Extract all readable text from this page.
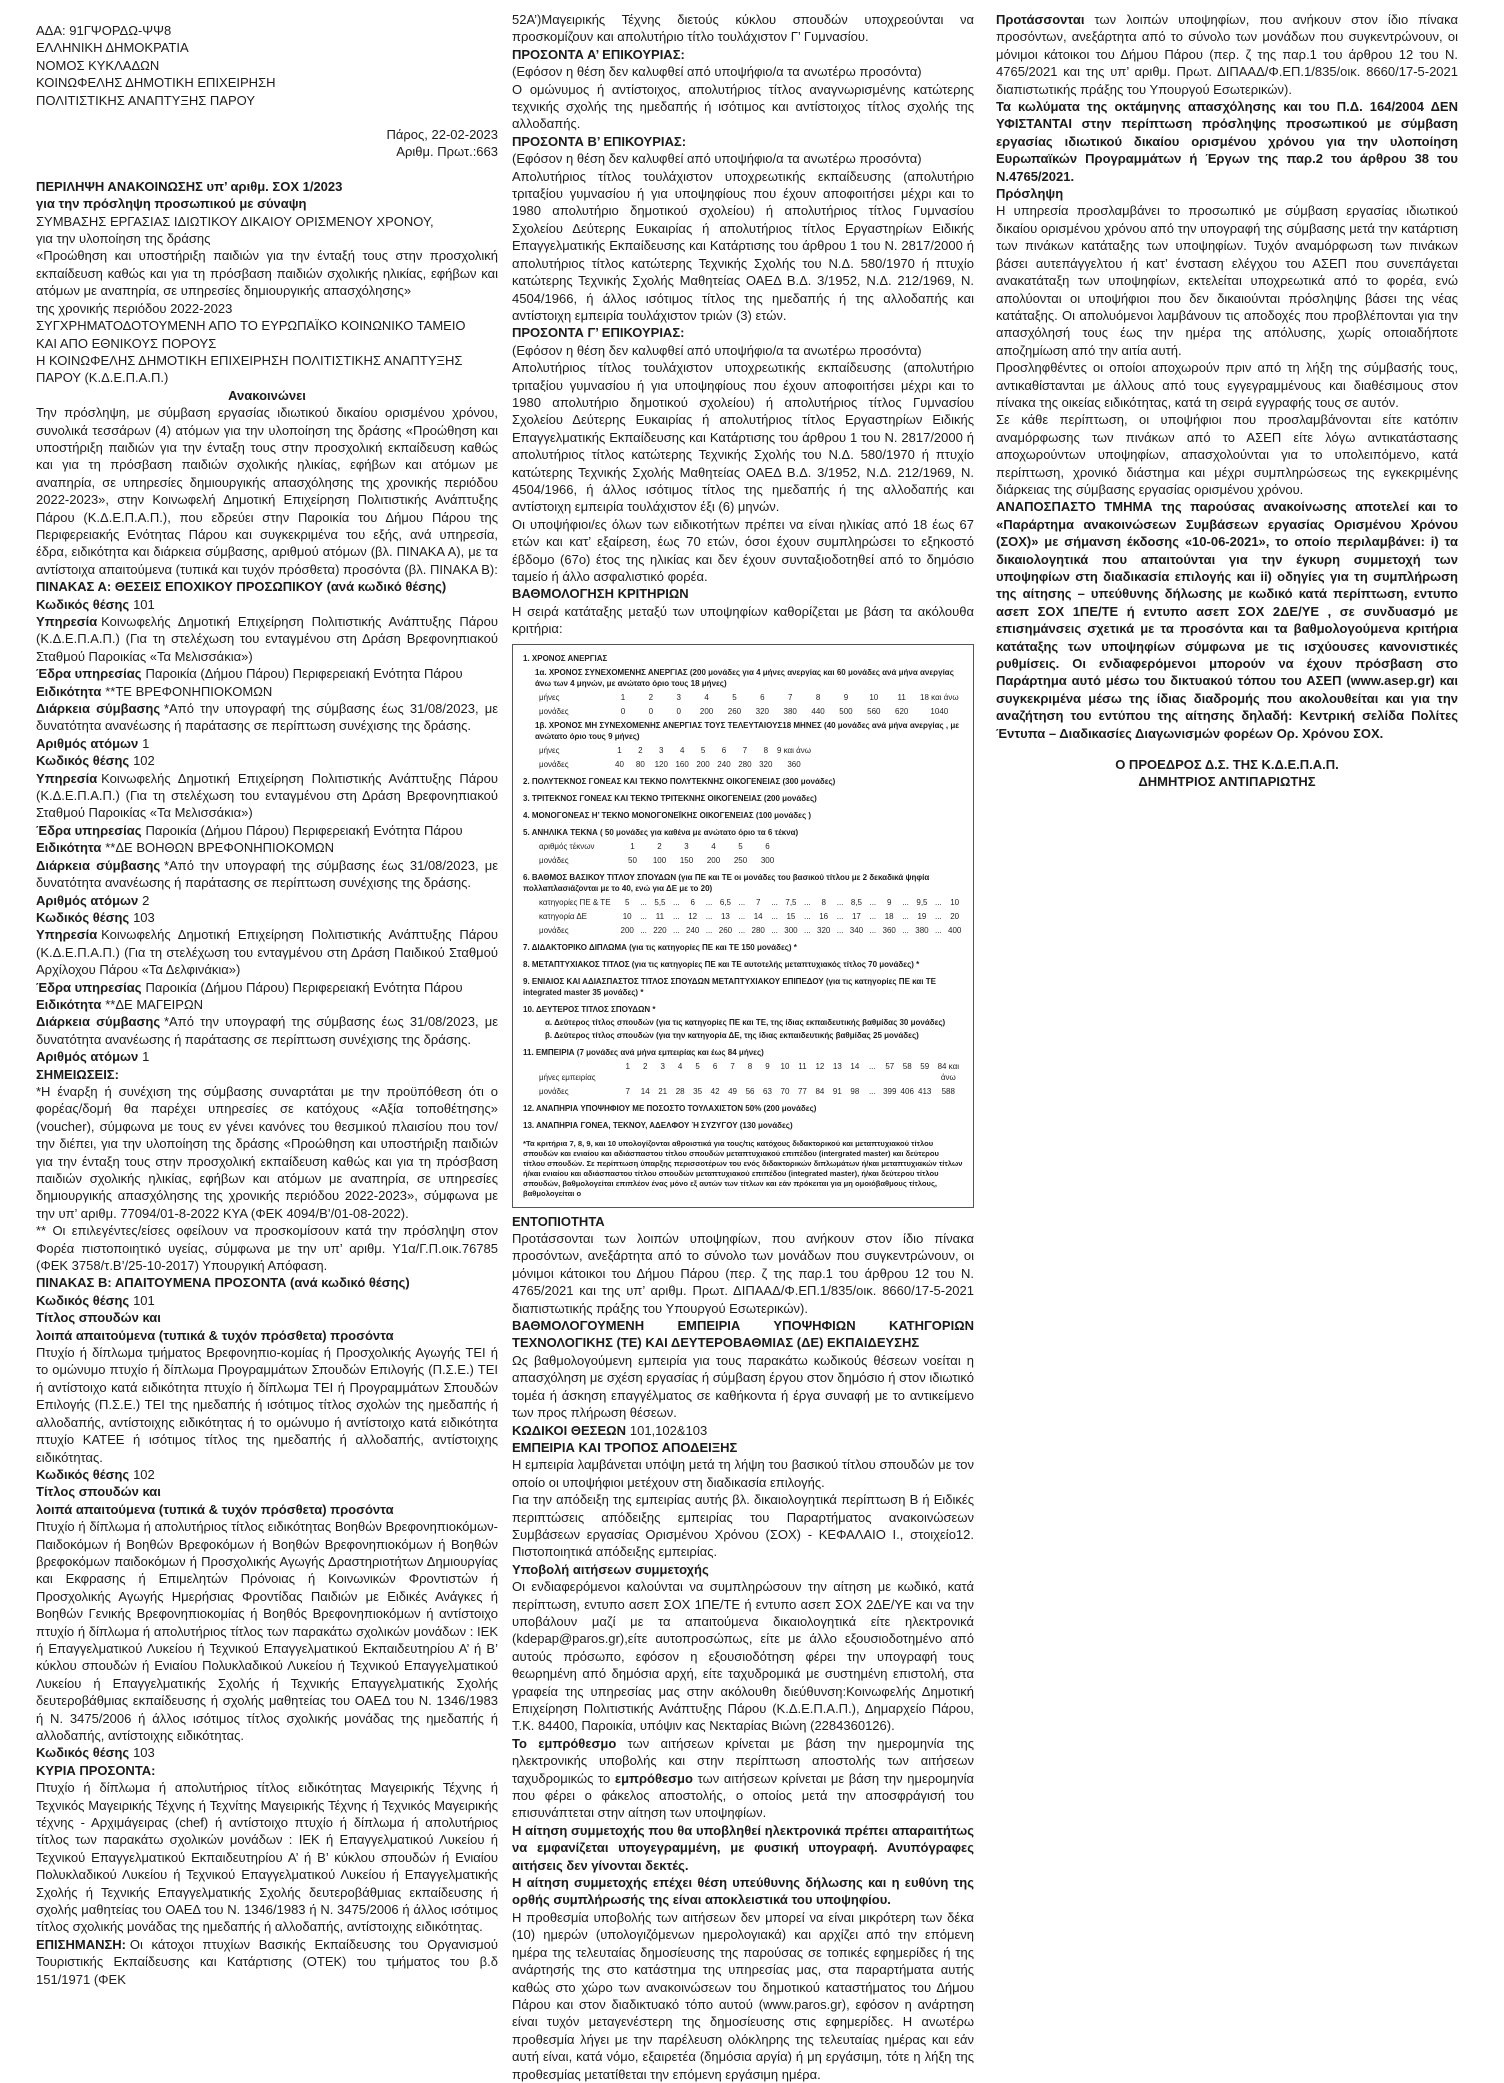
ΑΔΑ: 91ΓΨΟΡΔΩ-ΨΨ8

ΕΛΛΗΝΙΚΗ ΔΗΜΟΚΡΑΤΙΑ

ΝΟΜΟΣ ΚΥΚΛΑΔΩΝ

ΚΟΙΝΩΦΕΛΗΣ ΔΗΜΟΤΙΚΗ ΕΠΙΧΕΙΡΗΣΗ

ΠΟΛΙΤΙΣΤΙΚΗΣ ΑΝΑΠΤΥΞΗΣ ΠΑΡΟΥ

Πάρος, 22-02-2023

Αριθμ. Πρωτ.:663

ΠΕΡΙΛΗΨΗ ΑΝΑΚΟΙΝΩΣΗΣ υπ’ αριθμ. ΣΟΧ 1/2023

για την πρόσληψη προσωπικού με σύναψη

ΣΥΜΒΑΣΗΣ ΕΡΓΑΣΙΑΣ ΙΔΙΩΤΙΚΟΥ ΔΙΚΑΙΟΥ ΟΡΙΣΜΕΝΟΥ ΧΡΟΝΟΥ,

για την υλοποίηση της δράσης

«Προώθηση και υποστήριξη παιδιών για την ένταξή τους στην προσχολική εκπαίδευση καθώς και για τη πρόσβαση παιδιών σχολικής ηλικίας, εφήβων και ατόμων με αναπηρία, σε υπηρεσίες δημιουργικής απασχόλησης»

της χρονικής περιόδου 2022-2023

ΣΥΓΧΡΗΜΑΤΟΔΟΤΟΥΜΕΝΗ ΑΠΟ ΤΟ ΕΥΡΩΠΑΪΚΟ ΚΟΙΝΩΝΙΚΟ ΤΑΜΕΙΟ

ΚΑΙ ΑΠΟ ΕΘΝΙΚΟΥΣ ΠΟΡΟΥΣ

Η ΚΟΙΝΩΦΕΛΗΣ ΔΗΜΟΤΙΚΗ ΕΠΙΧΕΙΡΗΣΗ ΠΟΛΙΤΙΣΤΙΚΗΣ ΑΝΑΠΤΥΞΗΣ ΠΑΡΟΥ (Κ.Δ.Ε.Π.Α.Π.)

Ανακοινώνει

Την πρόσληψη, με σύμβαση εργασίας ιδιωτικού δικαίου ορισμένου χρόνου, συνολικά τεσσάρων (4) ατόμων για την υλοποίηση της δράσης «Προώθηση και υποστήριξη παιδιών για την ένταξη τους στην προσχολική εκπαίδευση καθώς και για τη πρόσβαση παιδιών σχολικής ηλικίας, εφήβων και ατόμων με αναπηρία, σε υπηρεσίες δημιουργικής απασχόλησης της χρονικής περιόδου 2022-2023», στην Κοινωφελή Δημοτική Επιχείρηση Πολιτιστικής Ανάπτυξης Πάρου (Κ.Δ.Ε.Π.Α.Π.), που εδρεύει στην Παροικία του Δήμου Πάρου της Περιφερειακής Ενότητας Πάρου και συγκεκριμένα του εξής, ανά υπηρεσία, έδρα, ειδικότητα και διάρκεια σύμβασης, αριθμού ατόμων (βλ. ΠΙΝΑΚΑ Α), με τα αντίστοιχα απαιτούμενα (τυπικά και τυχόν πρόσθετα) προσόντα (βλ. ΠΙΝΑΚΑ Β):

ΠΙΝΑΚΑΣ Α: ΘΕΣΕΙΣ ΕΠΟΧΙΚΟΥ ΠΡΟΣΩΠΙΚΟΥ (ανά κωδικό θέσης)

Κωδικός θέσης 101

Υπηρεσία Κοινωφελής Δημοτική Επιχείρηση Πολιτιστικής Ανάπτυξης Πάρου (Κ.Δ.Ε.Π.Α.Π.) (Για τη στελέχωση του ενταγμένου στη Δράση Βρεφονηπιακού Σταθμού Παροικίας «Τα Μελισσάκια»)

Έδρα υπηρεσίας Παροικία (Δήμου Πάρου) Περιφερειακή Ενότητα Πάρου

Ειδικότητα **ΤΕ ΒΡΕΦΟΝΗΠΙΟΚΟΜΩΝ

Διάρκεια σύμβασης *Από την υπογραφή της σύμβασης έως 31/08/2023, με δυνατότητα ανανέωσης ή παράτασης σε περίπτωση συνέχισης της δράσης.

Αριθμός ατόμων 1

Κωδικός θέσης 102

Υπηρεσία Κοινωφελής Δημοτική Επιχείρηση Πολιτιστικής Ανάπτυξης Πάρου (Κ.Δ.Ε.Π.Α.Π.) (Για τη στελέχωση του ενταγμένου στη Δράση Βρεφονηπιακού Σταθμού Παροικίας «Τα Μελισσάκια»)

Έδρα υπηρεσίας Παροικία (Δήμου Πάρου) Περιφερειακή Ενότητα Πάρου

Ειδικότητα **ΔΕ ΒΟΗΘΩΝ ΒΡΕΦΟΝΗΠΙΟΚΟΜΩΝ

Διάρκεια σύμβασης *Από την υπογραφή της σύμβασης έως 31/08/2023, με δυνατότητα ανανέωσης ή παράτασης σε περίπτωση συνέχισης της δράσης.

Αριθμός ατόμων 2

Κωδικός θέσης 103

Υπηρεσία Κοινωφελής Δημοτική Επιχείρηση Πολιτιστικής Ανάπτυξης Πάρου (Κ.Δ.Ε.Π.Α.Π.) (Για τη στελέχωση του ενταγμένου στη Δράση Παιδικού Σταθμού Αρχίλοχου Πάρου «Τα Δελφινάκια»)

Έδρα υπηρεσίας Παροικία (Δήμου Πάρου) Περιφερειακή Ενότητα Πάρου

Ειδικότητα **ΔΕ ΜΑΓΕΙΡΩΝ

Διάρκεια σύμβασης *Από την υπογραφή της σύμβασης έως 31/08/2023, με δυνατότητα ανανέωσης ή παράτασης σε περίπτωση συνέχισης της δράσης.

Αριθμός ατόμων 1

ΣΗΜΕΙΩΣΕΙΣ:

*Η έναρξη ή συνέχιση της σύμβασης συναρτάται με την προϋπόθεση ότι ο φορέας/δομή θα παρέχει υπηρεσίες σε κατόχους «Αξία τοποθέτησης» (voucher), σύμφωνα με τους εν γένει κανόνες του θεσμικού πλαισίου που τον/την διέπει, για την υλοποίηση της δράσης «Προώθηση και υποστήριξη παιδιών για την ένταξη τους στην προσχολική εκπαίδευση καθώς και για τη πρόσβαση παιδιών σχολικής ηλικίας, εφήβων και ατόμων με αναπηρία, σε υπηρεσίες δημιουργικής απασχόλησης της χρονικής περιόδου 2022-2023», σύμφωνα με την υπ’ αριθμ. 77094/01-8-2022 ΚΥΑ (ΦΕΚ 4094/Β’/01-08-2022).

** Οι επιλεγέντες/είσες οφείλουν να προσκομίσουν κατά την πρόσληψη στον Φορέα πιστοποιητικό υγείας, σύμφωνα με την υπ’ αριθμ. Υ1α/Γ.Π.οικ.76785 (ΦΕΚ 3758/τ.Β’/25-10-2017) Υπουργική Απόφαση.

ΠΙΝΑΚΑΣ Β: ΑΠΑΙΤΟΥΜΕΝΑ ΠΡΟΣΟΝΤΑ (ανά κωδικό θέσης)

Κωδικός θέσης 101

Τίτλος σπουδών και

λοιπά απαιτούμενα (τυπικά & τυχόν πρόσθετα) προσόντα

Πτυχίο ή δίπλωμα τμήματος Βρεφονηπιο-κομίας ή Προσχολικής Αγωγής ΤΕΙ ή το ομώνυμο πτυχίο ή δίπλωμα Προγραμμάτων Σπουδών Επιλογής (Π.Σ.Ε.) ΤΕΙ ή αντίστοιχο κατά ειδικότητα πτυχίο ή δίπλωμα ΤΕΙ ή Προγραμμάτων Σπουδών Επιλογής (Π.Σ.Ε.) ΤΕΙ της ημεδαπής ή ισότιμος τίτλος σχολών της ημεδαπής ή αλλοδαπής, αντίστοιχης ειδικότητας ή το ομώνυμο ή αντίστοιχο κατά ειδικότητα πτυχίο ΚΑΤΕΕ ή ισότιμος τίτλος της ημεδαπής ή αλλοδαπής, αντίστοιχης ειδικότητας.

Κωδικός θέσης 102

Τίτλος σπουδών και

λοιπά απαιτούμενα (τυπικά & τυχόν πρόσθετα) προσόντα

Πτυχίο ή δίπλωμα ή απολυτήριος τίτλος ειδικότητας Βοηθών Βρεφονηπιοκόμων-Παιδοκόμων ή Βοηθών Βρεφοκόμων ή Βοηθών Βρεφονηπιοκόμων ή Βοηθών βρεφοκόμων παιδοκόμων ή Προσχολικής Αγωγής Δραστηριοτήτων Δημιουργίας και Εκφρασης ή Επιμελητών Πρόνοιας ή Κοινωνικών Φροντιστών ή Προσχολικής Αγωγής Ημερήσιας Φροντίδας Παιδιών με Ειδικές Ανάγκες ή Βοηθών Γενικής Βρεφονηπιοκομίας ή Βοηθός Βρεφονηπιοκόμων ή αντίστοιχο πτυχίο ή δίπλωμα ή απολυτήριος τίτλος των παρακάτω σχολικών μονάδων : ΙΕΚ ή Επαγγελματικού Λυκείου ή Τεχνικού Επαγγελματικού Εκπαιδευτηρίου Α’ ή Β’ κύκλου σπουδών ή Ενιαίου Πολυκλαδικού Λυκείου ή Τεχνικού Επαγγελματικού Λυκείου ή Επαγγελματικής Σχολής ή Τεχνικής Επαγγελματικής Σχολής δευτεροβάθμιας εκπαίδευσης ή σχολής μαθητείας του ΟΑΕΔ του Ν. 1346/1983 ή Ν. 3475/2006 ή άλλος ισότιμος τίτλος σχολικής μονάδας της ημεδαπής ή αλλοδαπής, αντίστοιχης ειδικότητας.

Κωδικός θέσης 103

ΚΥΡΙΑ ΠΡΟΣΟΝΤΑ:

Πτυχίο ή δίπλωμα ή απολυτήριος τίτλος ειδικότητας Μαγειρικής Τέχνης ή Τεχνικός Μαγειρικής Τέχνης ή Τεχνίτης Μαγειρικής Τέχνης ή Τεχνικός Μαγειρικής τέχνης - Αρχιμάγειρας (chef) ή αντίστοιχο πτυχίο ή δίπλωμα ή απολυτήριος τίτλος των παρακάτω σχολικών μονάδων : ΙΕΚ ή Επαγγελματικού Λυκείου ή Τεχνικού Επαγγελματικού Εκπαιδευτηρίου Α’ ή Β’ κύκλου σπουδών ή Ενιαίου Πολυκλαδικού Λυκείου ή Τεχνικού Επαγγελματικού Λυκείου ή Επαγγελματικής Σχολής ή Τεχνικής Επαγγελματικής Σχολής δευτεροβάθμιας εκπαίδευσης ή σχολής μαθητείας του ΟΑΕΔ του Ν. 1346/1983 ή Ν. 3475/2006 ή άλλος ισότιμος τίτλος σχολικής μονάδας της ημεδαπής ή αλλοδαπής, αντίστοιχης ειδικότητας.

ΕΠΙΣΗΜΑΝΣΗ: Οι κάτοχοι πτυχίων Βασικής Εκπαίδευσης του Οργανισμού Τουριστικής Εκπαίδευσης και Κατάρτισης (ΟΤΕΚ) του τμήματος του β.δ 151/1971 (ΦΕΚ

52Α’)Μαγειρικής Τέχνης διετούς κύκλου σπουδών υποχρεούνται να προσκομίζουν και απολυτήριο τίτλο τουλάχιστον Γ’ Γυμνασίου.

ΠΡΟΣΟΝΤΑ Α’ ΕΠΙΚΟΥΡΙΑΣ:

(Εφόσον η θέση δεν καλυφθεί από υποψήφιο/α τα ανωτέρω προσόντα)

Ο ομώνυμος ή αντίστοιχος, απολυτήριος τίτλος αναγνωρισμένης κατώτερης τεχνικής σχολής της ημεδαπής ή ισότιμος και αντίστοιχος τίτλος σχολής της αλλοδαπής.

ΠΡΟΣΟΝΤΑ Β’ ΕΠΙΚΟΥΡΙΑΣ:

(Εφόσον η θέση δεν καλυφθεί από υποψήφιο/α τα ανωτέρω προσόντα)

Απολυτήριος τίτλος τουλάχιστον υποχρεωτικής εκπαίδευσης (απολυτήριο τριταξίου γυμνασίου ή για υποψηφίους που έχουν αποφοιτήσει μέχρι και το 1980 απολυτήριο δημοτικού σχολείου) ή απολυτήριος τίτλος Γυμνασίου Σχολείου Δεύτερης Ευκαιρίας ή απολυτήριος τίτλος Εργαστηρίων Ειδικής Επαγγελματικής Εκπαίδευσης και Κατάρτισης του άρθρου 1 του Ν. 2817/2000 ή απολυτήριος τίτλος κατώτερης Τεχνικής Σχολής του Ν.Δ. 580/1970 ή πτυχίο κατώτερης Τεχνικής Σχολής Μαθητείας ΟΑΕΔ Β.Δ. 3/1952, Ν.Δ. 212/1969, Ν. 4504/1966, ή άλλος ισότιμος τίτλος της ημεδαπής ή της αλλοδαπής και αντίστοιχη εμπειρία τουλάχιστον τριών (3) ετών.

ΠΡΟΣΟΝΤΑ Γ’ ΕΠΙΚΟΥΡΙΑΣ:

(Εφόσον η θέση δεν καλυφθεί από υποψήφιο/α τα ανωτέρω προσόντα)

Απολυτήριος τίτλος τουλάχιστον υποχρεωτικής εκπαίδευσης (απολυτήριο τριταξίου γυμνασίου ή για υποψηφίους που έχουν αποφοιτήσει μέχρι και το 1980 απολυτήριο δημοτικού σχολείου) ή απολυτήριος τίτλος Γυμνασίου Σχολείου Δεύτερης Ευκαιρίας ή απολυτήριος τίτλος Εργαστηρίων Ειδικής Επαγγελματικής Εκπαίδευσης και Κατάρτισης του άρθρου 1 του Ν. 2817/2000 ή απολυτήριος τίτλος κατώτερης Τεχνικής Σχολής του Ν.Δ. 580/1970 ή πτυχίο κατώτερης Τεχνικής Σχολής Μαθητείας ΟΑΕΔ Β.Δ. 3/1952, Ν.Δ. 212/1969, Ν. 4504/1966, ή άλλος ισότιμος τίτλος της ημεδαπής ή της αλλοδαπής και αντίστοιχη εμπειρία τουλάχιστον έξι (6) μηνών.

Οι υποψήφιοι/ες όλων των ειδικοτήτων πρέπει να είναι ηλικίας από 18 έως 67 ετών και κατ’ εξαίρεση, έως 70 ετών, όσοι έχουν συμπληρώσει το εξηκοστό έβδομο (67ο) έτος της ηλικίας και δεν έχουν συνταξιοδοτηθεί από το δημόσιο ταμείο ή άλλο ασφαλιστικό φορέα.

ΒΑΘΜΟΛΟΓΗΣΗ ΚΡΙΤΗΡΙΩΝ

Η σειρά κατάταξης μεταξύ των υποψηφίων καθορίζεται με βάση τα ακόλουθα κριτήρια:

1. ΧΡΟΝΟΣ ΑΝΕΡΓΙΑΣ

1α. ΧΡΟΝΟΣ ΣΥΝΕΧΟΜΕΝΗΣ ΑΝΕΡΓΙΑΣ (200 μονάδες για 4 μήνες ανεργίας και 60 μονάδες ανά μήνα ανεργίας άνω των 4 μηνών, με ανώτατο όριο τους 18 μήνες)

μήνες	1	2	3	4	5	6	7	8	9	10	11	18 και άνω
μονάδες	0	0	0	200	260	320	380	440	500	560	620	1040

1β. ΧΡΟΝΟΣ ΜΗ ΣΥΝΕΧΟΜΕΝΗΣ ΑΝΕΡΓΙΑΣ ΤΟΥΣ ΤΕΛΕΥΤΑΙΟΥΣ18 ΜΗΝΕΣ (40 μονάδες ανά μήνα ανεργίας , με ανώτατο όριο τους 9 μήνες)

μήνες	1	2	3	4	5	6	7	8	9 και άνω
μονάδες	40	80	120 160 200 240 280 320	360

2. ΠΟΛΥΤΕΚΝΟΣ ΓΟΝΕΑΣ ΚΑΙ ΤΕΚΝΟ ΠΟΛΥΤΕΚΝΗΣ ΟΙΚΟΓΕΝΕΙΑΣ (300 μονάδες)

3. ΤΡΙΤΕΚΝΟΣ ΓΟΝΕΑΣ ΚΑΙ ΤΕΚΝΟ ΤΡΙΤΕΚΝΗΣ ΟΙΚΟΓΕΝΕΙΑΣ (200 μονάδες)

4. ΜΟΝΟΓΟΝΕΑΣ Η’ ΤΕΚΝΟ ΜΟΝΟΓΟΝΕΪΚΗΣ ΟΙΚΟΓΕΝΕΙΑΣ (100 μονάδες )

5. ΑΝΗΛΙΚΑ ΤΕΚΝΑ ( 50 μονάδες για καθένα με ανώτατο όριο τα 6 τέκνα)

αριθμός τέκνων	1	2	3	4	5	6
μονάδες	50	100	150	200	250	300

6. ΒΑΘΜΟΣ ΒΑΣΙΚΟΥ ΤΙΤΛΟΥ ΣΠΟΥΔΩΝ (για ΠΕ και ΤΕ οι μονάδες του βασικού τίτλου με 2 δεκαδικά ψηφία πολλαπλασιάζονται με το 40, ενώ για ΔΕ με το 20)

κατηγορίες ΠΕ & ΤΕ	5	... 5,5 ...	6	... 6,5 ...	7	... 7,5 ...	8	... 8,5 ...	9	... 9,5 ...	10
κατηγορία ΔΕ	10	...	11	...	12	...	13	...	14	...	15	...	16	...	17	...	18	...	19	...	20
μονάδες	200 ... 220 ... 240 ... 260 ... 280 ... 300 ... 320 ... 340 ... 360 ... 380 ... 400

7. ΔΙΔΑΚΤΟΡΙΚΟ ΔΙΠΛΩΜΑ (για τις κατηγορίες ΠΕ και ΤΕ 150 μονάδες) *

8. ΜΕΤΑΠΤΥΧΙΑΚΟΣ ΤΙΤΛΟΣ (για τις κατηγορίες ΠΕ και ΤΕ αυτοτελής μεταπτυχιακός τίτλος 70 μονάδες) *

9. ΕΝΙΑΙΟΣ ΚΑΙ ΑΔΙΑΣΠΑΣΤΟΣ ΤΙΤΛΟΣ ΣΠΟΥΔΩΝ ΜΕΤΑΠΤΥΧΙΑΚΟΥ ΕΠΙΠΕΔΟΥ (για τις κατηγορίες ΠΕ και ΤΕ integrated master 35 μονάδες) *

10. ΔΕΥΤΕΡΟΣ ΤΙΤΛΟΣ ΣΠΟΥΔΩΝ *

α. Δεύτερος τίτλος σπουδών (για τις κατηγορίες ΠΕ και ΤΕ, της ίδιας εκπαιδευτικής βαθμίδας 30 μονάδες)

β. Δεύτερος τίτλος σπουδών (για την κατηγορία ΔΕ, της ίδιας εκπαιδευτικής βαθμίδας 25 μονάδες)

11. ΕΜΠΕΙΡΙΑ (7 μονάδες ανά μήνα εμπειρίας και έως 84 μήνες)

μήνες εμπειρίας
1	2	3	4	5	6	7	8	9	10	11	12	13	14	...	57	58	59	84 και άνω
μονάδες	7	14	21	28	35	42	49	56	63	70	77	84	91	98	... 399 406 413	588

12. ΑΝΑΠΗΡΙΑ ΥΠΟΨΗΦΙΟΥ ΜΕ ΠΟΣΟΣΤΟ ΤΟΥΛΑΧΙΣΤΟΝ 50% (200 μονάδες)

13. ΑΝΑΠΗΡΙΑ ΓΟΝΕΑ, ΤΕΚΝΟΥ, ΑΔΕΛΦΟΥ Ή ΣΥΖΥΓΟΥ (130 μονάδες)

*Τα κριτήρια 7, 8, 9, και 10 υπολογίζονται αθροιστικά για τους/τις κατόχους διδακτορικού και μεταπτυχιακού τίτλου σπουδών και ενιαίου και αδιάσπαστου τίτλου σπουδών μεταπτυχιακού επιπέδου (intergrated master) και δεύτερου τίτλου σπουδών. Σε περίπτωση ύπαρξης περισσοτέρων του ενός διδακτορικών διπλωμάτων ή/και μεταπτυχιακών τίτλων ή/και ενιαίου και αδιάσπαστου τίτλου σπουδών μεταπτυχιακού επιπέδου (integrated master), ή/και δεύτερου τίτλου σπουδών, βαθμολογείται επιπλέον ένας μόνο εξ αυτών των τίτλων και εάν πρόκειται για μη ομοιόβαθμους τίτλους, βαθμολογείται ο

ΕΝΤΟΠΙΟΤΗΤΑ

Προτάσσονται των λοιπών υποψηφίων, που ανήκουν στον ίδιο πίνακα προσόντων, ανεξάρτητα από το σύνολο των μονάδων που συγκεντρώνουν, οι μόνιμοι κάτοικοι του Δήμου Πάρου (περ. ζ της παρ.1 του άρθρου 12 του Ν. 4765/2021 και της υπ’ αριθμ. Πρωτ. ΔΙΠΑΑΔ/Φ.ΕΠ.1/835/οικ. 8660/17-5-2021 διαπιστωτικής πράξης του Υπουργού Εσωτερικών).

ΒΑΘΜΟΛΟΓΟΥΜΕΝΗ ΕΜΠΕΙΡΙΑ ΥΠΟΨΗΦΙΩΝ ΚΑΤΗΓΟΡΙΩΝ ΤΕΧΝΟΛΟΓΙΚΗΣ (ΤΕ) ΚΑΙ ΔΕΥΤΕΡΟΒΑΘΜΙΑΣ (ΔΕ) ΕΚΠΑΙΔΕΥΣΗΣ

Ως βαθμολογούμενη εμπειρία για τους παρακάτω κωδικούς θέσεων νοείται η απασχόληση με σχέση εργασίας ή σύμβαση έργου στον δημόσιο ή στον ιδιωτικό τομέα ή άσκηση επαγγέλματος σε καθήκοντα ή έργα συναφή με το αντικείμενο των προς πλήρωση θέσεων.

ΚΩΔΙΚΟΙ ΘΕΣΕΩΝ 101,102&103

ΕΜΠΕΙΡΙΑ ΚΑΙ ΤΡΟΠΟΣ ΑΠΟΔΕΙΞΗΣ

Η εμπειρία λαμβάνεται υπόψη μετά τη λήψη του βασικού τίτλου σπουδών με τον οποίο οι υποψήφιοι μετέχουν στη διαδικασία επιλογής.

Για την απόδειξη της εμπειρίας αυτής βλ. δικαιολογητικά περίπτωση Β ή Ειδικές περιπτώσεις απόδειξης εμπειρίας του Παραρτήματος ανακοινώσεων Συμβάσεων εργασίας Ορισμένου Χρόνου (ΣΟΧ) - ΚΕΦΑΛΑΙΟ Ι., στοιχείο12. Πιστοποιητικά απόδειξης εμπειρίας.

Υποβολή αιτήσεων συμμετοχής

Οι ενδιαφερόμενοι καλούνται να συμπληρώσουν την αίτηση με κωδικό, κατά περίπτωση, εντυπο ασεπ ΣΟΧ 1ΠΕ/ΤΕ ή εντυπο ασεπ ΣΟΧ 2ΔΕ/ΥΕ και να την υποβάλουν μαζί με τα απαιτούμενα δικαιολογητικά είτε ηλεκτρονικά (kdepap@paros.gr),είτε αυτοπροσώπως, είτε με άλλο εξουσιοδοτημένο από αυτούς πρόσωπο, εφόσον η εξουσιοδότηση φέρει την υπογραφή τους θεωρημένη από δημόσια αρχή, είτε ταχυδρομικά με συστημένη επιστολή, στα γραφεία της υπηρεσίας μας στην ακόλουθη διεύθυνση:Κοινωφελής Δημοτική Επιχείρηση Πολιτιστικής Ανάπτυξης Πάρου (Κ.Δ.Ε.Π.Α.Π.), Δημαρχείο Πάρου, Τ.Κ. 84400, Παροικία, υπόψιν κας Νεκταρίας Βιώνη (2284360126).

Το εμπρόθεσμο των αιτήσεων κρίνεται με βάση την ημερομηνία της ηλεκτρονικής υποβολής και στην περίπτωση αποστολής των αιτήσεων ταχυδρομικώς το εμπρόθεσμο των αιτήσεων κρίνεται με βάση την ημερομηνία που φέρει ο φάκελος αποστολής, ο οποίος μετά την αποσφράγισή του επισυνάπτεται στην αίτηση των υποψηφίων.

Η αίτηση συμμετοχής που θα υποβληθεί ηλεκτρονικά πρέπει απαραιτήτως να εμφανίζεται υπογεγραμμένη, με φυσική υπογραφή. Ανυπόγραφες αιτήσεις δεν γίνονται δεκτές.

Η αίτηση συμμετοχής επέχει θέση υπεύθυνης δήλωσης και η ευθύνη της ορθής συμπλήρωσής της είναι αποκλειστικά του υποψηφίου.

Η προθεσμία υποβολής των αιτήσεων δεν μπορεί να είναι μικρότερη των δέκα (10) ημερών (υπολογιζόμενων ημερολογιακά) και αρχίζει από την επόμενη ημέρα της τελευταίας δημοσίευσης της παρούσας σε τοπικές εφημερίδες ή της ανάρτησής της στο κατάστημα της υπηρεσίας μας, στα παραρτήματα αυτής καθώς στο χώρο των ανακοινώσεων του δημοτικού καταστήματος του Δήμου Πάρου και στον διαδικτυακό τόπο αυτού (www.paros.gr), εφόσον η ανάρτηση είναι τυχόν μεταγενέστερη της δημοσίευσης στις εφημερίδες. Η ανωτέρω προθεσμία λήγει με την παρέλευση ολόκληρης της τελευταίας ημέρας και εάν αυτή είναι, κατά νόμο, εξαιρετέα (δημόσια αργία) ή μη εργάσιμη, τότε η λήξη της προθεσμίας μετατίθεται την επόμενη εργάσιμη ημέρα.

Προτάσσονται των λοιπών υποψηφίων, που ανήκουν στον ίδιο πίνακα προσόντων, ανεξάρτητα από το σύνολο των μονάδων που συγκεντρώνουν, οι μόνιμοι κάτοικοι του Δήμου Πάρου (περ. ζ της παρ.1 του άρθρου 12 του Ν. 4765/2021 και της υπ’ αριθμ. Πρωτ. ΔΙΠΑΑΔ/Φ.ΕΠ.1/835/οικ. 8660/17-5-2021 διαπιστωτικής πράξης του Υπουργού Εσωτερικών).

Τα κωλύματα της οκτάμηνης απασχόλησης και του Π.Δ. 164/2004 ΔΕΝ ΥΦΙΣΤΑΝΤΑΙ στην περίπτωση πρόσληψης προσωπικού με σύμβαση εργασίας ιδιωτικού δικαίου ορισμένου χρόνου για την υλοποίηση Ευρωπαϊκών Προγραμμάτων ή Έργων της παρ.2 του άρθρου 38 του Ν.4765/2021.

Πρόσληψη

Η υπηρεσία προσλαμβάνει το προσωπικό με σύμβαση εργασίας ιδιωτικού δικαίου ορισμένου χρόνου από την υπογραφή της σύμβασης μετά την κατάρτιση των πινάκων κατάταξης των υποψηφίων. Τυχόν αναμόρφωση των πινάκων βάσει αυτεπάγγελτου ή κατ’ ένσταση ελέγχου του ΑΣΕΠ που συνεπάγεται ανακατάταξη των υποψηφίων, εκτελείται υποχρεωτικά από το φορέα, ενώ απολύονται οι υποψήφιοι που δεν δικαιούνται πρόσληψης βάσει της νέας κατάταξης. Οι απολυόμενοι λαμβάνουν τις αποδοχές που προβλέπονται για την απασχόλησή τους έως την ημέρα της απόλυσης, χωρίς οποιαδήποτε αποζημίωση από την αιτία αυτή.

Προσληφθέντες οι οποίοι αποχωρούν πριν από τη λήξη της σύμβασής τους, αντικαθίστανται με άλλους από τους εγγεγραμμένους και διαθέσιμους στον πίνακα της οικείας ειδικότητας, κατά τη σειρά εγγραφής τους σε αυτόν.

Σε κάθε περίπτωση, οι υποψήφιοι που προσλαμβάνονται είτε κατόπιν αναμόρφωσης των πινάκων από το ΑΣΕΠ είτε λόγω αντικατάστασης αποχωρούντων υποψηφίων, απασχολούνται για το υπολειπόμενο, κατά περίπτωση, χρονικό διάστημα και μέχρι συμπληρώσεως της εγκεκριμένης διάρκειας της σύμβασης εργασίας ορισμένου χρόνου.

ΑΝΑΠΟΣΠΑΣΤΟ ΤΜΗΜΑ της παρούσας ανακοίνωσης αποτελεί και το «Παράρτημα ανακοινώσεων Συμβάσεων εργασίας Ορισμένου Χρόνου (ΣΟΧ)» με σήμανση έκδοσης «10-06-2021», το οποίο περιλαμβάνει: i) τα δικαιολογητικά που απαιτούνται για την έγκυρη συμμετοχή των υποψηφίων στη διαδικασία επιλογής και ii) οδηγίες για τη συμπλήρωση της αίτησης – υπεύθυνης δήλωσης με κωδικό κατά περίπτωση, εντυπο ασεπ ΣΟΧ 1ΠΕ/ΤΕ ή εντυπο ασεπ ΣΟΧ 2ΔΕ/ΥΕ , σε συνδυασμό με επισημάνσεις σχετικά με τα προσόντα και τα βαθμολογούμενα κριτήρια κατάταξης των υποψηφίων σύμφωνα με τις ισχύουσες κανονιστικές ρυθμίσεις. Οι ενδιαφερόμενοι μπορούν να έχουν πρόσβαση στο Παράρτημα αυτό μέσω του δικτυακού τόπου του ΑΣΕΠ (www.asep.gr) και συγκεκριμένα μέσω της ίδιας διαδρομής που ακολουθείται και για την αναζήτηση του εντύπου της αίτησης δηλαδή: Κεντρική σελίδα Πολίτες Έντυπα – Διαδικασίες Διαγωνισμών φορέων Ορ. Χρόνου ΣΟΧ.

Ο ΠΡΟΕΔΡΟΣ Δ.Σ. ΤΗΣ Κ.Δ.Ε.Π.Α.Π.

ΔΗΜΗΤΡΙΟΣ ΑΝΤΙΠΑΡΙΩΤΗΣ
